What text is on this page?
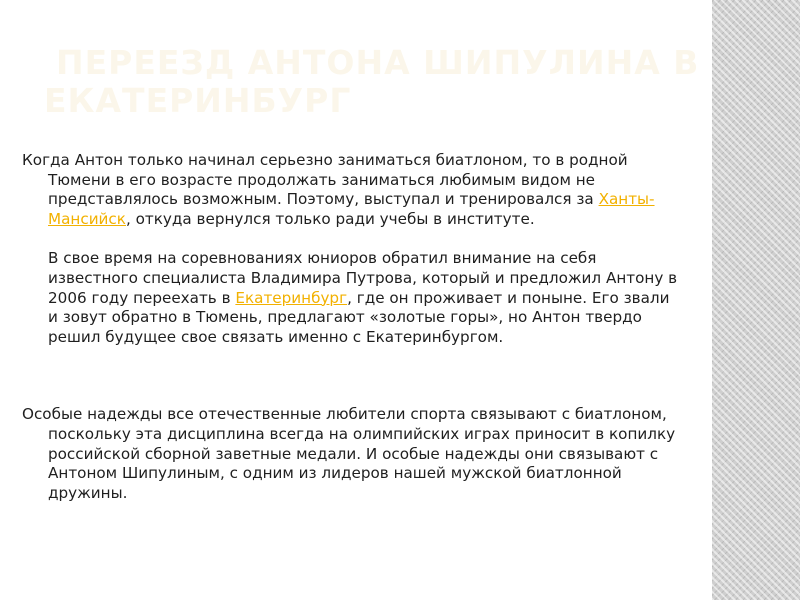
ПЕРЕЕЗД АНТОНА ШИПУЛИНА В ЕКАТЕРИНБУРГ

Когда Антон только начинал серьезно заниматься биатлоном, то в родной Тюмени в его возрасте продолжать заниматься любимым видом не представлялось возможным. Поэтому, выступал и тренировался за Ханты-Мансийск, откуда вернулся только ради учебы в институте.

В свое время на соревнованиях юниоров обратил внимание на себя известного специалиста Владимира Путрова, который и предложил Антону в 2006 году переехать в Екатеринбург, где он проживает и поныне. Его звали и зовут обратно в Тюмень, предлагают «золотые горы», но Антон твердо решил будущее свое связать именно с Екатеринбургом.

Особые надежды все отечественные любители спорта связывают с биатлоном, поскольку эта дисциплина всегда на олимпийских играх приносит в копилку российской сборной заветные медали. И особые надежды они связывают с Антоном Шипулиным, с одним из лидеров нашей мужской биатлонной дружины.
